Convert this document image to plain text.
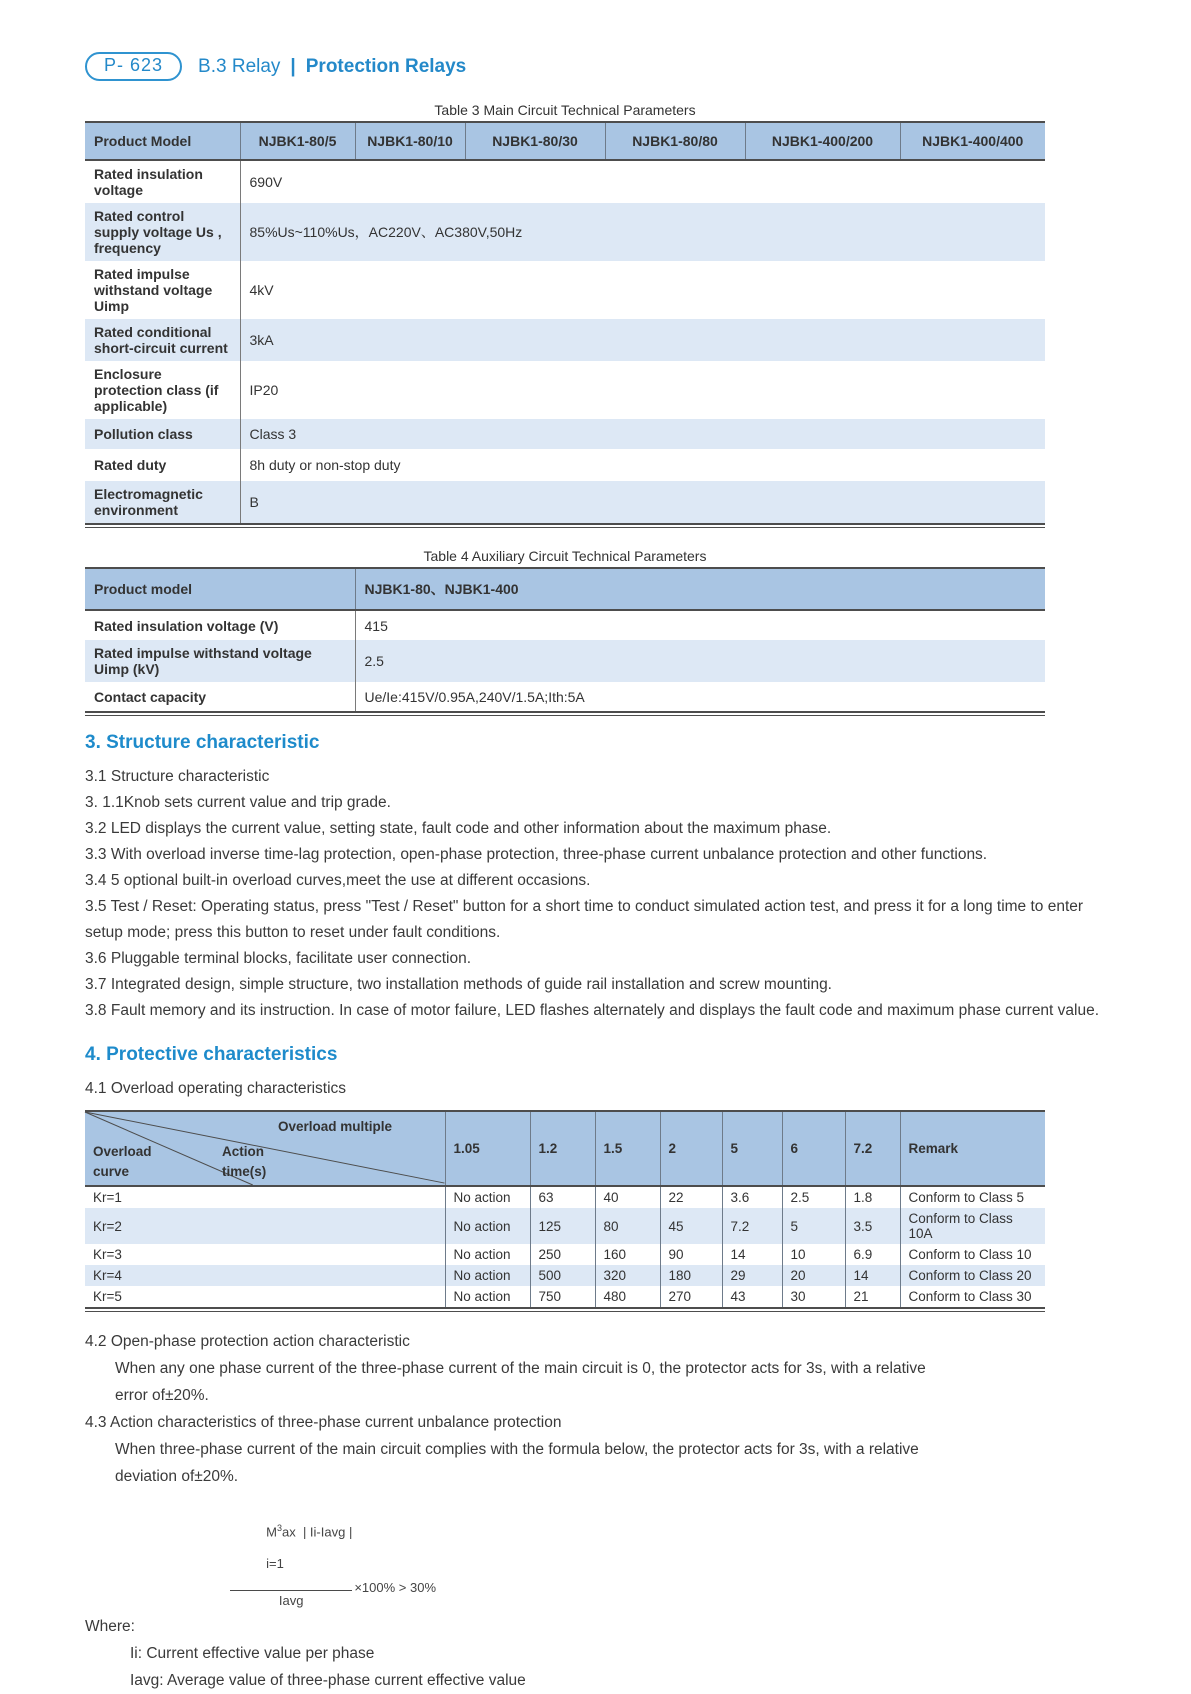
P- 623	B.3 Relay | Protection Relays
Table 3 Main Circuit Technical Parameters
Product Model	NJBK1-80/5	NJBK1-80/10	NJBK1-80/30	NJBK1-80/80	NJBK1-400/200	NJBK1-400/400
Rated insulation voltage	690V					
Rated control supply voltage Us , frequency	85%Us~110%Us，AC220V、AC380V,50Hz					
Rated impulse withstand voltage Uimp	4kV					
Rated conditional short-circuit current	3kA					
Enclosure protection class (if applicable)	IP20					
Pollution class	Class 3					
Rated duty	8h duty or non-stop duty					
Electromagnetic environment	B					
Table 4 Auxiliary Circuit Technical Parameters
Product model	NJBK1-80、NJBK1-400
Rated insulation voltage (V)	415
Rated impulse withstand voltage Uimp (kV)	2.5
Contact capacity	Ue/Ie:415V/0.95A,240V/1.5A;Ith:5A
3. Structure characteristic
3.1 Structure characteristic
3. 1.1Knob sets current value and trip grade.
3.2 LED displays the current value, setting state, fault code and other information about the maximum phase.
3.3 With overload inverse time-lag protection, open-phase protection, three-phase current unbalance protection and other functions.
3.4 5 optional built-in overload curves,meet the use at different occasions.
3.5 Test / Reset: Operating status, press "Test / Reset" button for a short time to conduct simulated action test, and press it for a long time to enter setup mode; press this button to reset under fault conditions.
3.6 Pluggable terminal blocks, facilitate user connection.
3.7 Integrated design, simple structure, two installation methods of guide rail installation and screw mounting.
3.8 Fault memory and its instruction. In case of motor failure, LED flashes alternately and displays the fault code and maximum phase current value.
4. Protective characteristics
4.1 Overload operating characteristics
Overload multiple
Overload
curve
Action
time(s)	1.05	1.2	1.5	2	5	6	7.2	Remark
Kr=1	No action	63	40	22	3.6	2.5	1.8	Conform to Class 5
Kr=2	No action	125	80	45	7.2	5	3.5	Conform to Class 10A
Kr=3	No action	250	160	90	14	10	6.9	Conform to Class 10
Kr=4	No action	500	320	180	29	20	14	Conform to Class 20
Kr=5	No action	750	480	270	43	30	21	Conform to Class 30
4.2 Open-phase protection action characteristic
When any one phase current of the three-phase current of the main circuit is 0, the protector acts for 3s, with a relative
error of±20%.
4.3 Action characteristics of three-phase current unbalance protection
When three-phase current of the main circuit complies with the formula below, the protector acts for 3s, with a relative
deviation of±20%.

$M^3ax$  | Ii-Iavg |

i=1

Iavg
×100% > 30%
Where:
Ii: Current effective value per phase
Iavg: Average value of three-phase current effective value
